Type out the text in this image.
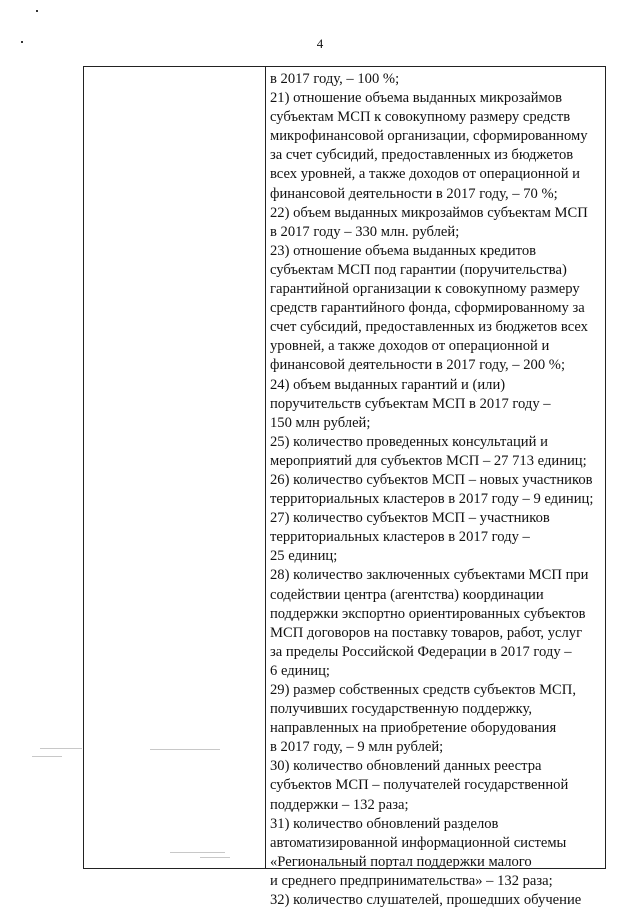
4
в 2017 году, – 100 %;
21) отношение объема выданных микрозаймов
субъектам МСП к совокупному размеру средств
микрофинансовой организации, сформированному
за счет субсидий, предоставленных из бюджетов
всех уровней, а также доходов от операционной и
финансовой деятельности в 2017 году, – 70 %;
22) объем выданных микрозаймов субъектам МСП
в 2017 году – 330 млн. рублей;
23) отношение объема выданных кредитов
субъектам МСП под гарантии (поручительства)
гарантийной организации к совокупному размеру
средств гарантийного фонда, сформированному за
счет субсидий, предоставленных из бюджетов всех
уровней, а также доходов от операционной и
финансовой деятельности в 2017 году, – 200 %;
24) объем выданных гарантий и (или)
поручительств субъектам МСП в 2017 году –
150 млн рублей;
25) количество проведенных консультаций и
мероприятий для субъектов МСП – 27 713 единиц;
26) количество субъектов МСП – новых участников
территориальных кластеров в 2017 году – 9 единиц;
27) количество субъектов МСП – участников
территориальных кластеров в 2017 году –
25 единиц;
28) количество заключенных субъектами МСП при
содействии центра (агентства) координации
поддержки экспортно ориентированных субъектов
МСП договоров на поставку товаров, работ, услуг
за пределы Российской Федерации в 2017 году –
6 единиц;
29) размер собственных средств субъектов МСП,
получивших государственную поддержку,
направленных на приобретение оборудования
в 2017 году, – 9 млн рублей;
30) количество обновлений данных реестра
субъектов МСП – получателей государственной
поддержки – 132 раза;
31) количество обновлений разделов
автоматизированной информационной системы
«Региональный портал поддержки малого
и среднего предпринимательства» – 132 раза;
32) количество слушателей, прошедших обучение
